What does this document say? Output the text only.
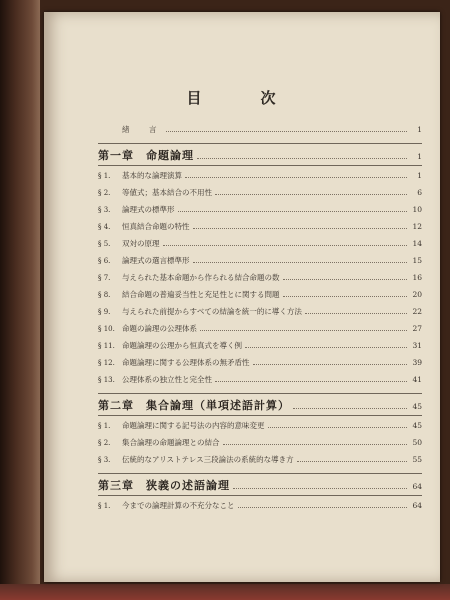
目　次
緒　言	1
第一章　命題論理	1
§ 1.	基本的な論理演算	1
§ 2.	等値式；基本結合の不用性	6
§ 3.	論理式の標準形	10
§ 4.	恒真結合命題の特性	12
§ 5.	双対の原理	14
§ 6.	論理式の選言標準形	15
§ 7.	与えられた基本命題から作られる結合命題の数	16
§ 8.	結合命題の普遍妥当性と充足性とに関する問題	20
§ 9.	与えられた前提からすべての結論を統一的に導く方法	22
§ 10. 命題の論理の公理体系	27
§ 11. 命題論理の公理から恒真式を導く例	31
§ 12. 命題論理に関する公理体系の無矛盾性	39
§ 13. 公理体系の独立性と完全性	41
第二章　集合論理（単項述語計算）	45
§ 1.	命題論理に関する記号法の内容的意味変更	45
§ 2.	集合論理の命題論理との結合	50
§ 3.	伝統的なアリストテレス三段論法の系統的な導き方	55
第三章　狭義の述語論理	64
§ 1.	今までの論理計算の不充分なこと	64
